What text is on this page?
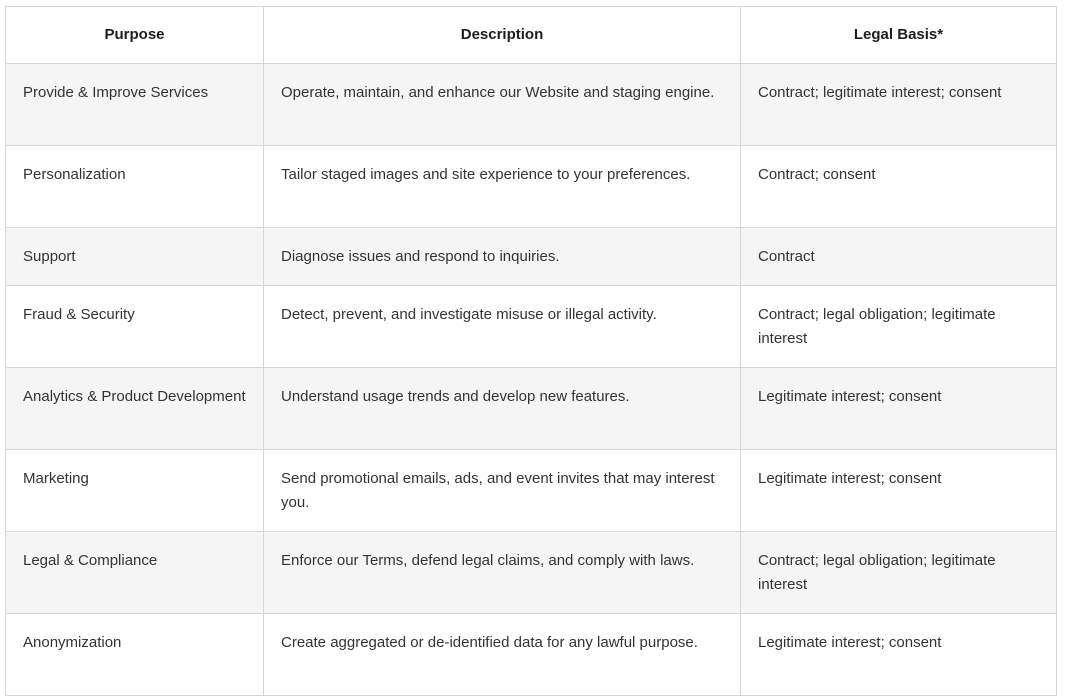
Purpose	Description	Legal Basis*
Provide & Improve Services	Operate, maintain, and enhance our Website and staging engine.	Contract; legitimate interest; consent
Personalization	Tailor staged images and site experience to your preferences.	Contract; consent
Support	Diagnose issues and respond to inquiries.	Contract
Fraud & Security	Detect, prevent, and investigate misuse or illegal activity.	Contract; legal obligation; legitimate interest
Analytics & Product Development	Understand usage trends and develop new features.	Legitimate interest; consent
Marketing	Send promotional emails, ads, and event invites that may interest you.	Legitimate interest; consent
Legal & Compliance	Enforce our Terms, defend legal claims, and comply with laws.	Contract; legal obligation; legitimate interest
Anonymization	Create aggregated or de-identified data for any lawful purpose.	Legitimate interest; consent
